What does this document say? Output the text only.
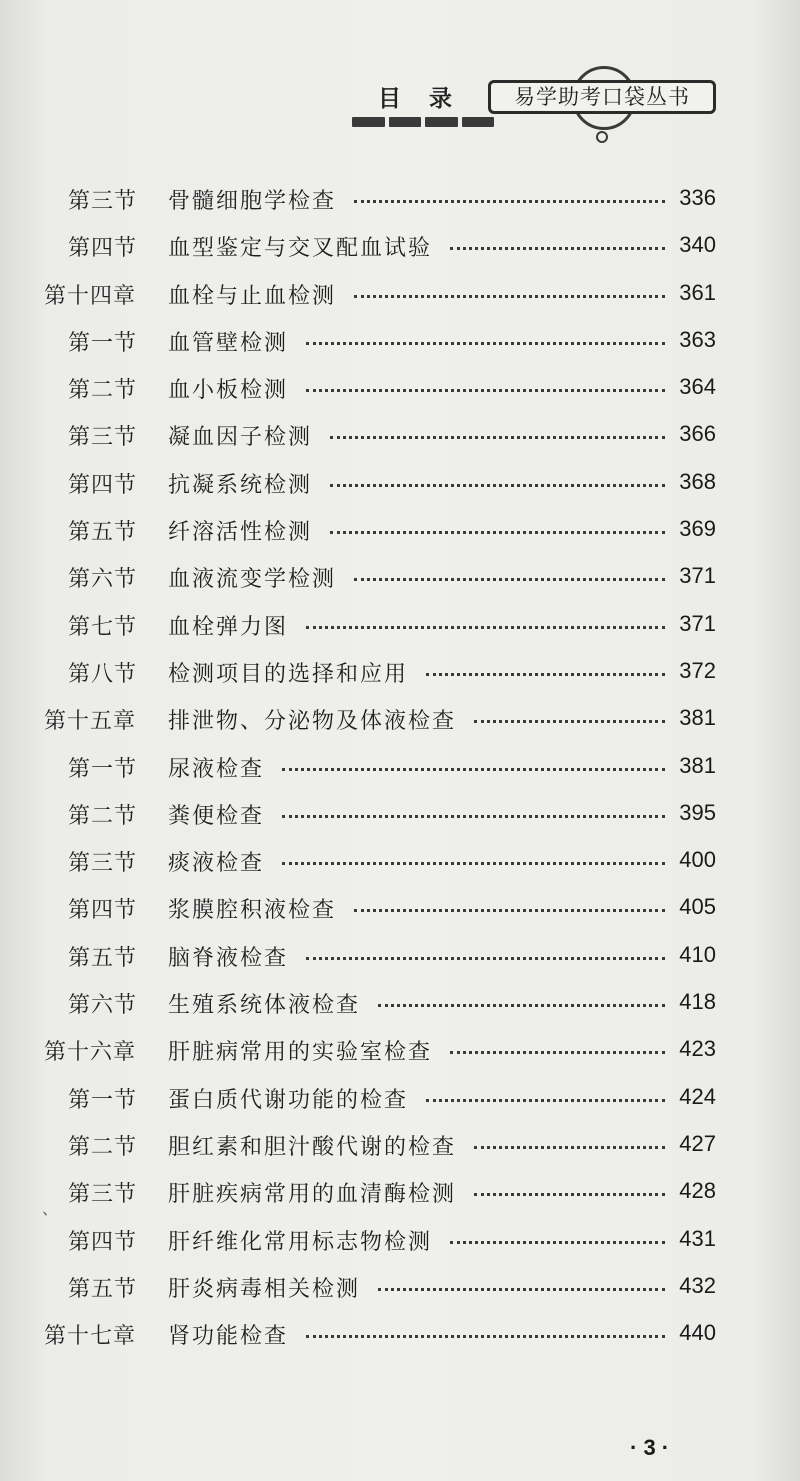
目 录	易学助考口袋丛书
第三节 骨髓细胞学检查	336
第四节 血型鉴定与交叉配血试验	340
第十四章 血栓与止血检测	361
第一节 血管壁检测	363
第二节 血小板检测	364
第三节 凝血因子检测	366
第四节 抗凝系统检测	368
第五节 纤溶活性检测	369
第六节 血液流变学检测	371
第七节 血栓弹力图	371
第八节 检测项目的选择和应用	372
第十五章 排泄物、分泌物及体液检查	381
第一节 尿液检查	381
第二节 粪便检查	395
第三节 痰液检查	400
第四节 浆膜腔积液检查	405
第五节 脑脊液检查	410
第六节 生殖系统体液检查	418
第十六章 肝脏病常用的实验室检查	423
第一节 蛋白质代谢功能的检查	424
第二节 胆红素和胆汁酸代谢的检查	427
第三节 肝脏疾病常用的血清酶检测	428
第四节 肝纤维化常用标志物检测	431
第五节 肝炎病毒相关检测	432
第十七章 肾功能检查	440
、
· 3 ·
